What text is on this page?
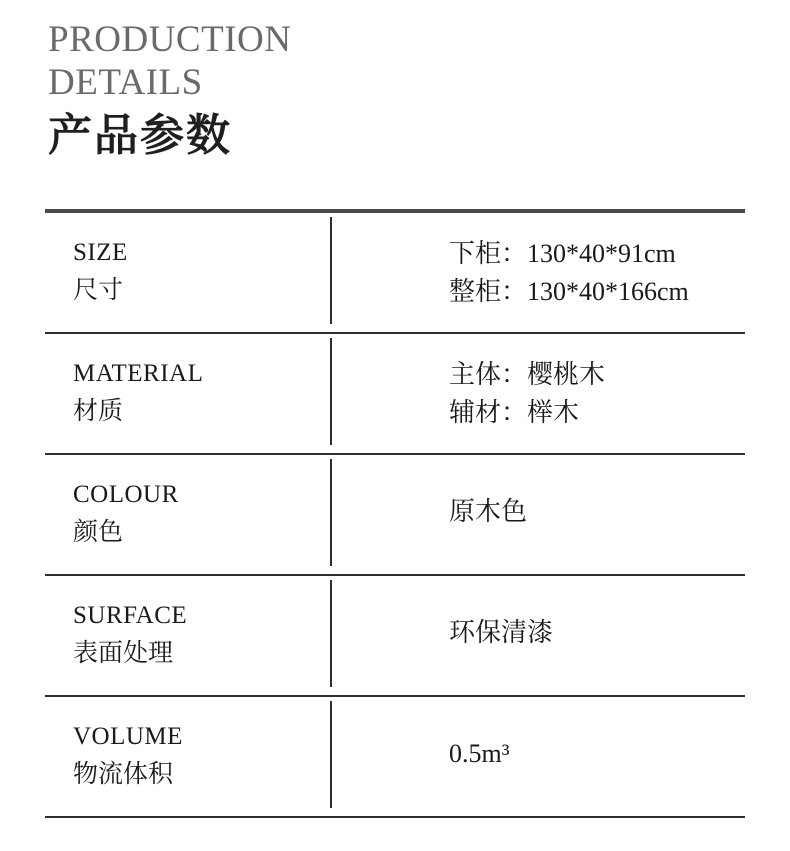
PRODUCTION
DETAILS
产品参数
SIZE
尺寸
下柜：130*40*91cm
整柜：130*40*166cm
MATERIAL
材质
主体：樱桃木
辅材：榉木
COLOUR
颜色
原木色
SURFACE
表面处理
环保清漆
VOLUME
物流体积
0.5m³
